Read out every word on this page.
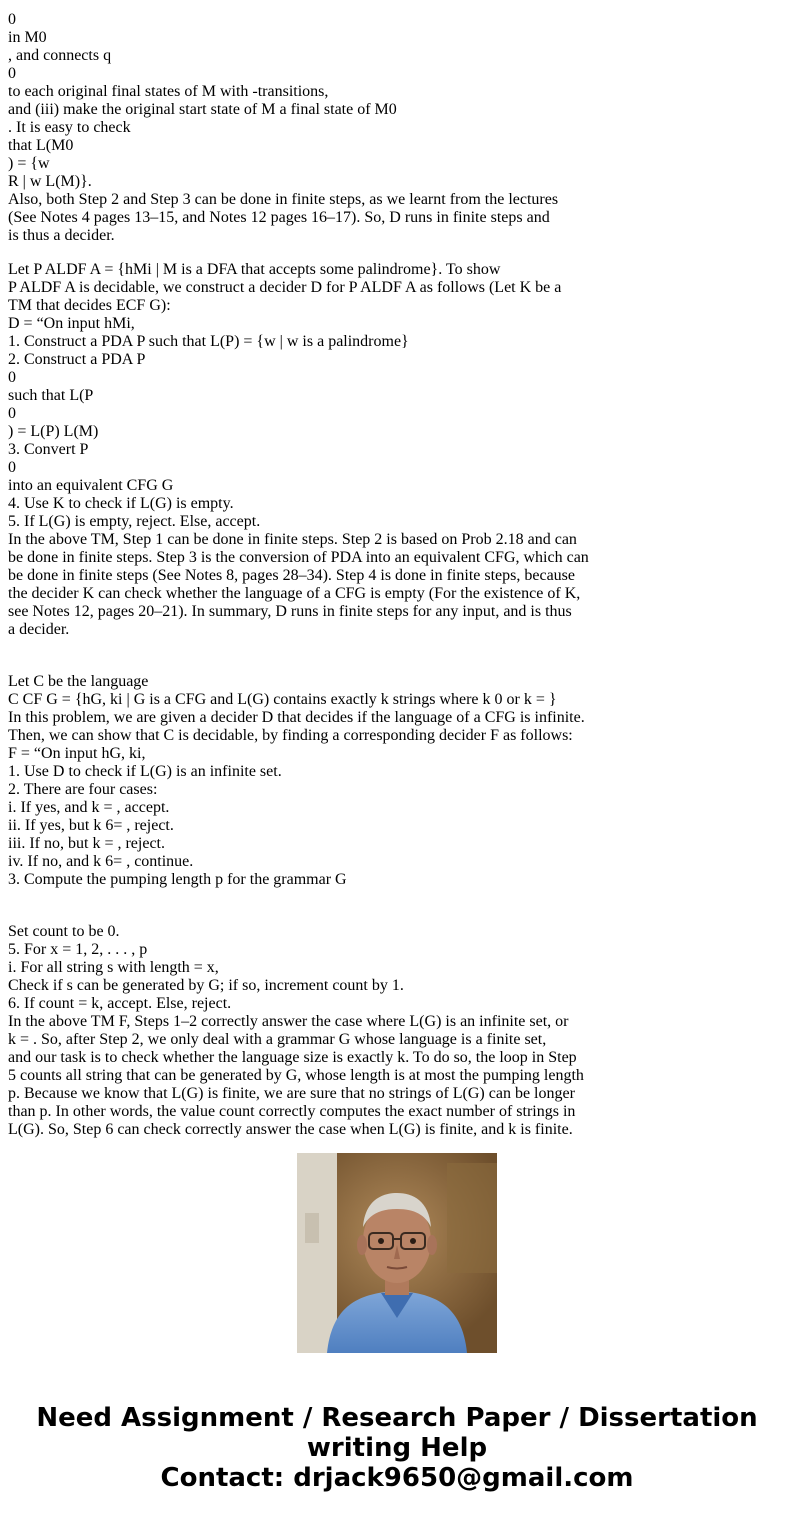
0
in M0
, and connects q
0
to each original final states of M with -transitions,
and (iii) make the original start state of M a final state of M0
. It is easy to check
that L(M0
) = {w
R | w L(M)}.
Also, both Step 2 and Step 3 can be done in finite steps, as we learnt from the lectures
(See Notes 4 pages 13–15, and Notes 12 pages 16–17). So, D runs in finite steps and
is thus a decider.
Let P ALDF A = {hMi | M is a DFA that accepts some palindrome}. To show
P ALDF A is decidable, we construct a decider D for P ALDF A as follows (Let K be a
TM that decides ECF G):
D = “On input hMi,
1. Construct a PDA P such that L(P) = {w | w is a palindrome}
2. Construct a PDA P
0
such that L(P
0
) = L(P) L(M)
3. Convert P
0
into an equivalent CFG G
4. Use K to check if L(G) is empty.
5. If L(G) is empty, reject. Else, accept.
In the above TM, Step 1 can be done in finite steps. Step 2 is based on Prob 2.18 and can
be done in finite steps. Step 3 is the conversion of PDA into an equivalent CFG, which can
be done in finite steps (See Notes 8, pages 28–34). Step 4 is done in finite steps, because
the decider K can check whether the language of a CFG is empty (For the existence of K,
see Notes 12, pages 20–21). In summary, D runs in finite steps for any input, and is thus
a decider.
Let C be the language
C CF G = {hG, ki | G is a CFG and L(G) contains exactly k strings where k 0 or k = }
In this problem, we are given a decider D that decides if the language of a CFG is infinite.
Then, we can show that C is decidable, by finding a corresponding decider F as follows:
F = “On input hG, ki,
1. Use D to check if L(G) is an infinite set.
2. There are four cases:
i. If yes, and k = , accept.
ii. If yes, but k 6= , reject.
iii. If no, but k = , reject.
iv. If no, and k 6= , continue.
3. Compute the pumping length p for the grammar G
Set count to be 0.
5. For x = 1, 2, . . . , p
i. For all string s with length = x,
Check if s can be generated by G; if so, increment count by 1.
6. If count = k, accept. Else, reject.
In the above TM F, Steps 1–2 correctly answer the case where L(G) is an infinite set, or
k = . So, after Step 2, we only deal with a grammar G whose language is a finite set,
and our task is to check whether the language size is exactly k. To do so, the loop in Step
5 counts all string that can be generated by G, whose length is at most the pumping length
p. Because we know that L(G) is finite, we are sure that no strings of L(G) can be longer
than p. In other words, the value count correctly computes the exact number of strings in
L(G). So, Step 6 can check correctly answer the case when L(G) is finite, and k is finite.
Need Assignment / Research Paper / Dissertation
writing Help
Contact: drjack9650@gmail.com
